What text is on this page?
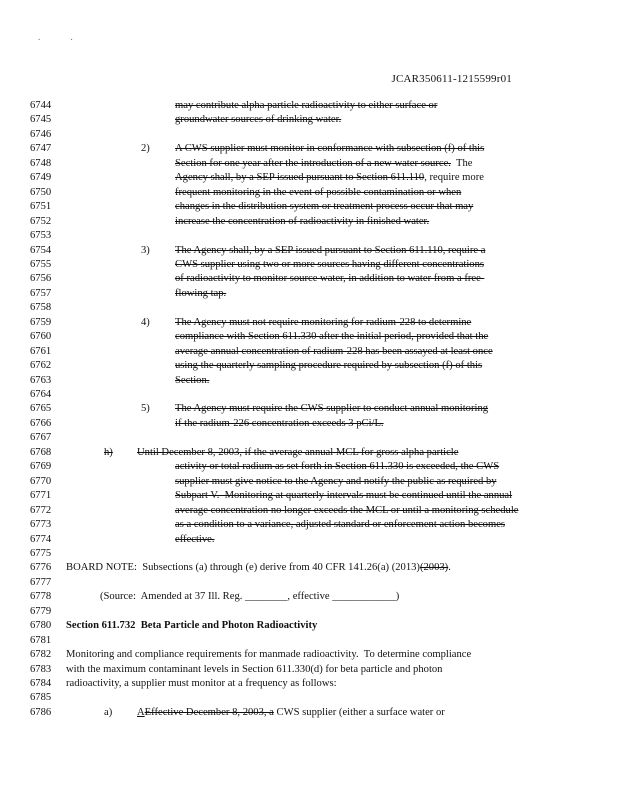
. .
JCAR350611-1215599r01
6744	may contribute alpha particle radioactivity to either surface or
6745	groundwater sources of drinking water.
6746
6747	2) A CWS supplier must monitor in conformance with subsection (f) of this
6748	Section for one year after the introduction of a new water source.  The
6749	Agency shall, by a SEP issued pursuant to Section 611.110, require more
6750	frequent monitoring in the event of possible contamination or when
6751	changes in the distribution system or treatment process occur that may
6752	increase the concentration of radioactivity in finished water.
6753
6754	3) The Agency shall, by a SEP issued pursuant to Section 611.110, require a
6755	CWS supplier using two or more sources having different concentrations
6756	of radioactivity to monitor source water, in addition to water from a free-
6757	flowing tap.
6758
6759	4) The Agency must not require monitoring for radium-228 to determine
6760	compliance with Section 611.330 after the initial period, provided that the
6761	average annual concentration of radium-228 has been assayed at least once
6762	using the quarterly sampling procedure required by subsection (f) of this
6763	Section.
6764
6765	5) The Agency must require the CWS supplier to conduct annual monitoring
6766	if the radium-226 concentration exceeds 3 pCi/L.
6767
6768	h) Until December 8, 2003, if the average annual MCL for gross alpha particle
6769	activity or total radium as set forth in Section 611.330 is exceeded, the CWS
6770	supplier must give notice to the Agency and notify the public as required by
6771	Subpart V.  Monitoring at quarterly intervals must be continued until the annual
6772	average concentration no longer exceeds the MCL or until a monitoring schedule
6773	as a condition to a variance, adjusted standard or enforcement action becomes
6774	effective.
6775
6776 BOARD NOTE:  Subsections (a) through (e) derive from 40 CFR 141.26(a) (2013)(2003).
6777
6778	(Source:  Amended at 37 Ill. Reg. ________, effective ____________)
6779
6780 Section 611.732  Beta Particle and Photon Radioactivity
6781
6782 Monitoring and compliance requirements for manmade radioactivity.  To determine compliance
6783 with the maximum contaminant levels in Section 611.330(d) for beta particle and photon
6784 radioactivity, a supplier must monitor at a frequency as follows:
6785
6786	a) AEffective December 8, 2003, a CWS supplier (either a surface water or
